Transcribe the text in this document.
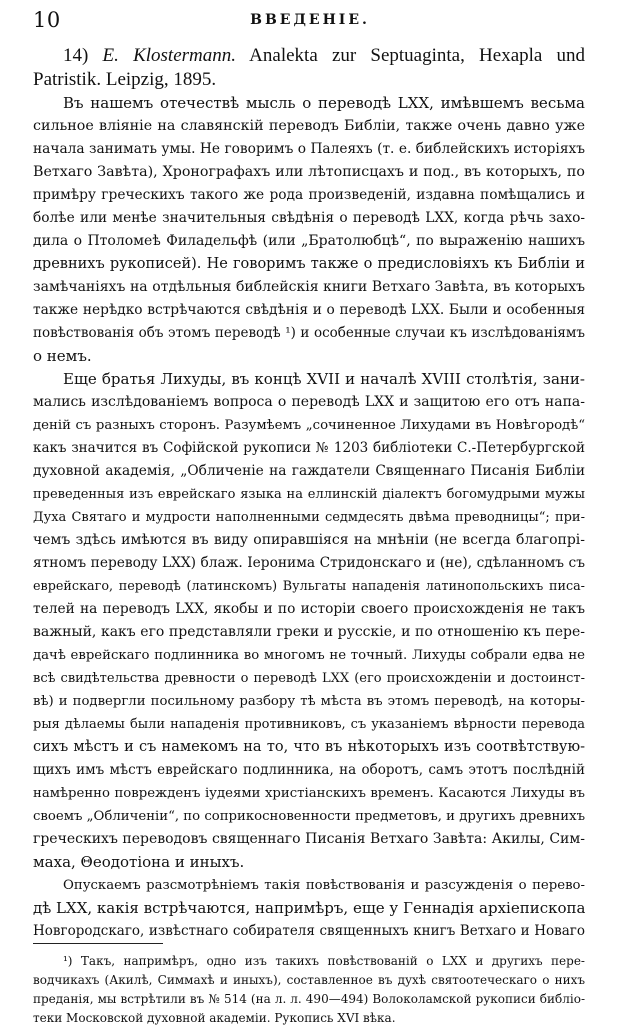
10	ВВЕДЕНІЕ.
14) E. Klostermann. Analekta zur Septuaginta, Hexapla und
Patristik. Leipzig, 1895.
Въ нашемъ отечествѣ мысль о переводѣ LXX, имѣвшемъ весьма
сильное вліяніе на славянскій переводъ Библіи, также очень давно уже
начала занимать умы. Не говоримъ о Палеяхъ (т. е. библейскихъ исторіяхъ
Ветхаго Завѣта), Хронографахъ или лѣтописцахъ и под., въ которыхъ, по
примѣру греческихъ такого же рода произведеній, издавна помѣщались и
болѣе или менѣе значительныя свѣдѣнія о переводѣ LXX, когда рѣчь захо-
дила о Птоломеѣ Филадельфѣ (или „Братолюбцѣ“, по выраженію нашихъ
древнихъ рукописей). Не говоримъ также о предисловіяхъ къ Библіи и
замѣчаніяхъ на отдѣльныя библейскія книги Ветхаго Завѣта, въ которыхъ
также нерѣдко встрѣчаются свѣдѣнія и о переводѣ LXX. Были и особенныя
повѣствованія объ этомъ переводѣ ¹) и особенные случаи къ изслѣдованіямъ
о немъ.
Еще братья Лихуды, въ концѣ XVII и началѣ XVIII столѣтія, зани-
мались изслѣдованіемъ вопроса о переводѣ LXX и защитою его отъ напа-
деній съ разныхъ сторонъ. Разумѣемъ „сочиненное Лихудами въ Новѣгородѣ“
какъ значится въ Софійской рукописи № 1203 библіотеки С.-Петербургской
духовной академія, „Обличеніе на гаждатели Священнаго Писанія Библіи
преведенныя изъ еврейскаго языка на еллинскій діалектъ богомудрыми мужы
Духа Святаго и мудрости наполненными седмдесять двѣма преводницы“; при-
чемъ здѣсь имѣются въ виду опиравшіяся на мнѣніи (не всегда благопрі-
ятномъ переводу LXX) блаж. Іеронима Стридонскаго и (не), сдѣланномъ съ
еврейскаго, переводѣ (латинскомъ) Вульгаты нападенія латинопольскихъ писа-
телей на переводъ LXX, якобы и по исторіи своего происхожденія не такъ
важный, какъ его представляли греки и русскіе, и по отношенію къ пере-
дачѣ еврейскаго подлинника во многомъ не точный. Лихуды собрали едва не
всѣ свидѣтельства древности о переводѣ LXX (его происхожденіи и достоинст-
вѣ) и подвергли посильному разбору тѣ мѣста въ этомъ переводѣ, на которы-
рыя дѣлаемы были нападенія противниковъ, съ указаніемъ вѣрности перевода
сихъ мѣстъ и съ намекомъ на то, что въ нѣкоторыхъ изъ соотвѣтствую-
щихъ имъ мѣстъ еврейскаго подлинника, на оборотъ, самъ этотъ послѣдній
намѣренно поврежденъ іудеями христіанскихъ временъ. Касаются Лихуды въ
своемъ „Обличеніи“, по соприкосновенности предметовъ, и другихъ древнихъ
греческихъ переводовъ священнаго Писанія Ветхаго Завѣта: Акилы, Сим-
маха, Θеодотіона и иныхъ.
Опускаемъ разсмотрѣніемъ такія повѣствованія и разсужденія о перево-
дѣ LXX, какія встрѣчаются, напримѣръ, еще у Геннадія архіепископа
Новгородскаго, извѣстнаго собирателя священныхъ книгъ Ветхаго и Новаго
¹) Такъ, напримѣръ, одно изъ такихъ повѣствованій о LXX и другихъ пере-
водчикахъ (Акилѣ, Симмахѣ и иныхъ), составленное въ духѣ святоотеческаго о нихъ
преданія, мы встрѣтили въ № 514 (на л. л. 490—494) Волоколамской рукописи библіо-
теки Московской духовной академіи. Рукопись XVI вѣка.
